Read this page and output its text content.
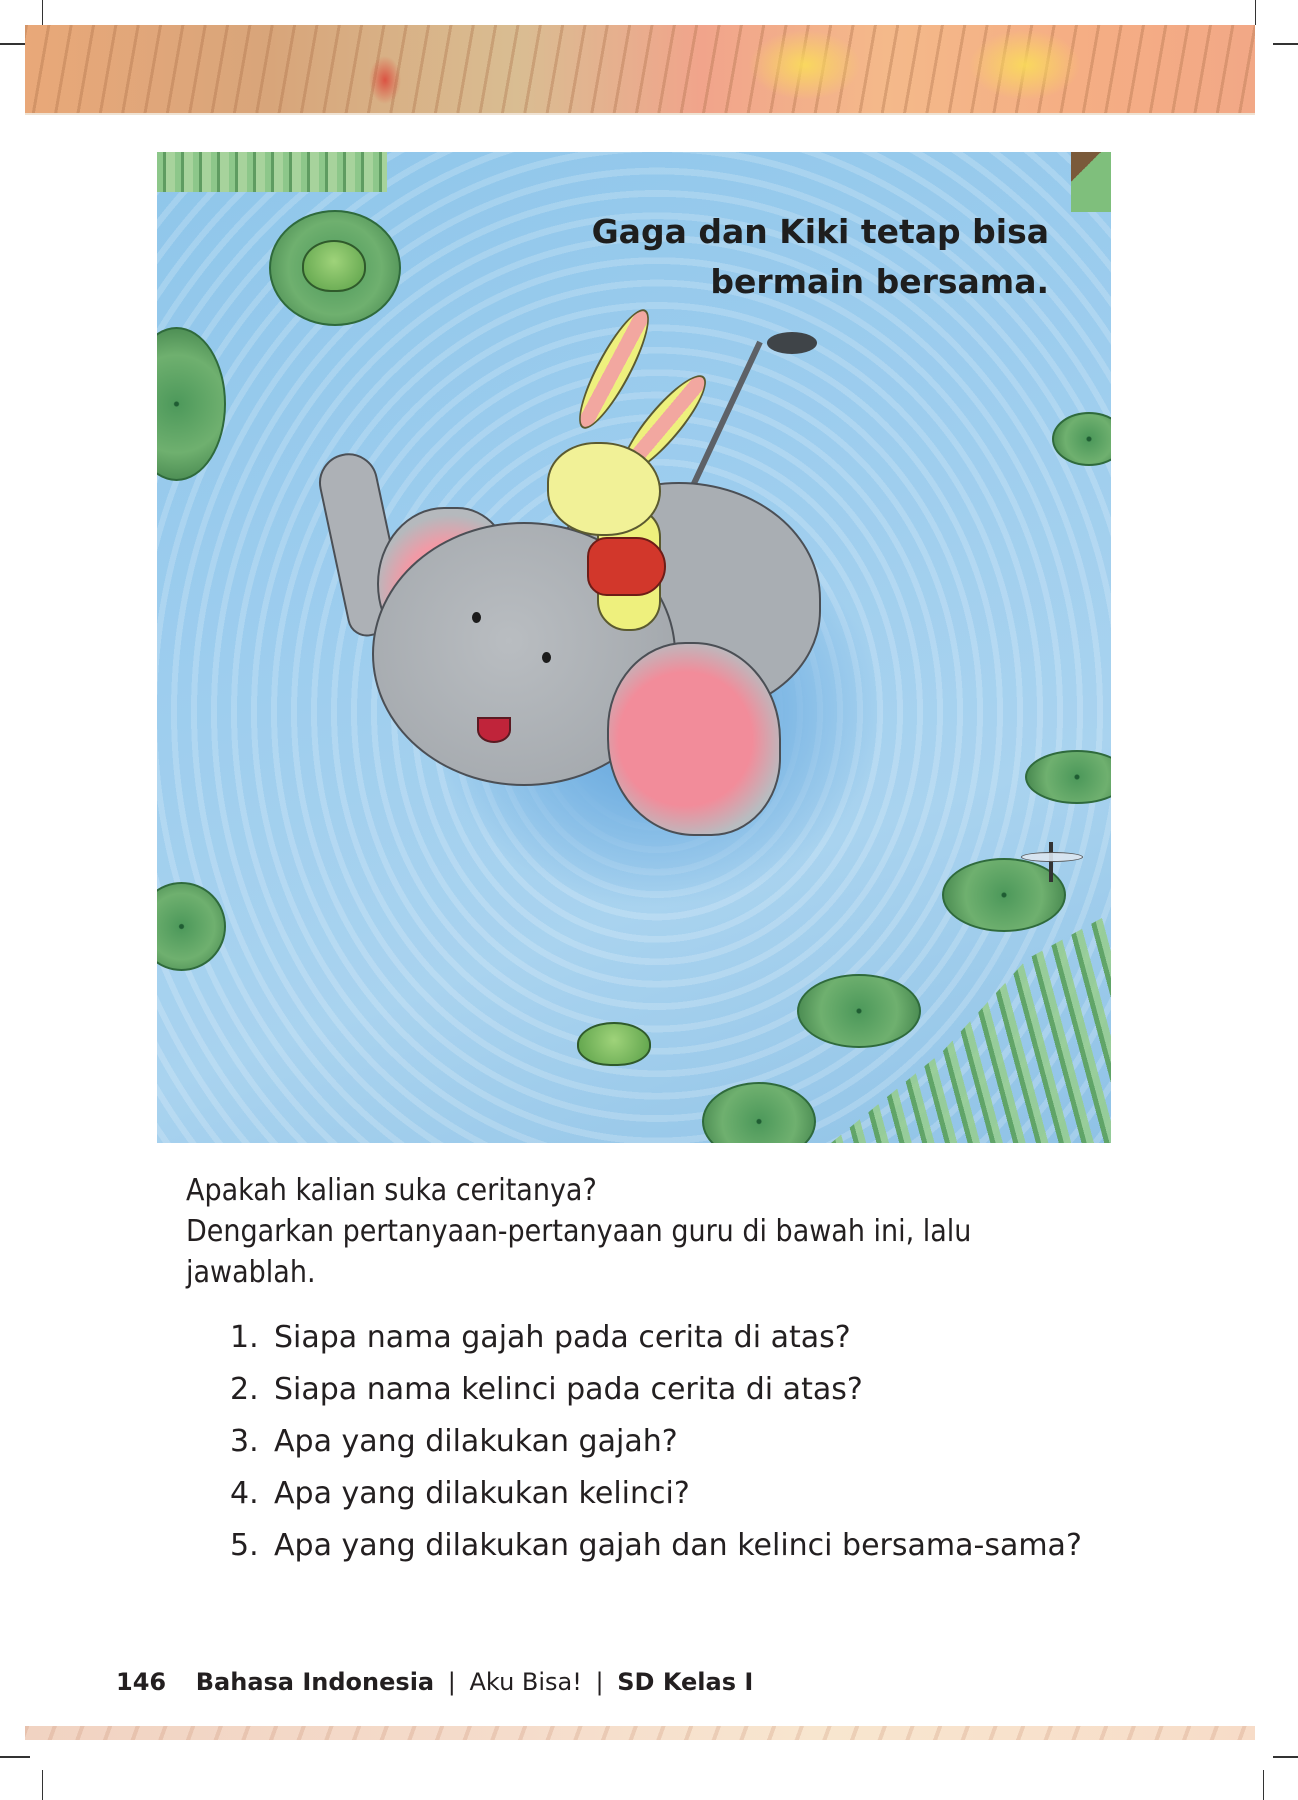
Gaga dan Kiki tetap bisa
bermain bersama.

Apakah kalian suka ceritanya?

Dengarkan pertanyaan-pertanyaan guru di bawah ini, lalu jawablah.

1. Siapa nama gajah pada cerita di atas?
2. Siapa nama kelinci pada cerita di atas?
3. Apa yang dilakukan gajah?
4. Apa yang dilakukan kelinci?
5. Apa yang dilakukan gajah dan kelinci bersama-sama?
146 Bahasa Indonesia | Aku Bisa! | SD Kelas I
